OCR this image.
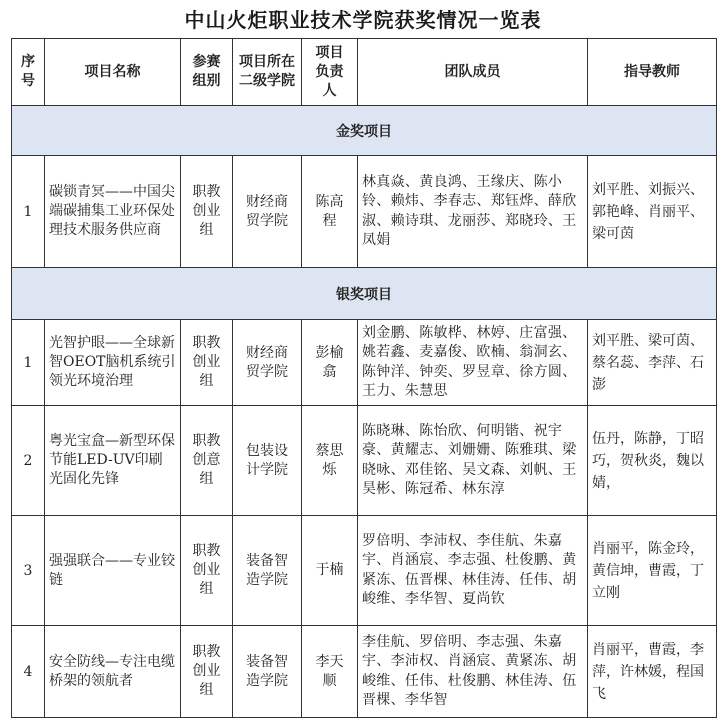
中山火炬职业技术学院获奖情况一览表
序号	项目名称	参赛组别	项目所在二级学院	项目负责人	团队成员	指导教师
金奖项目						
1	碳锁青冥——中国尖端碳捕集工业环保处理技术服务供应商	职教创业组	财经商贸学院	陈高程	林真焱、黄良鸿、王缘庆、陈小铃、赖炜、李春志、郑钰烨、薛欣淑、赖诗琪、龙丽莎、郑晓玲、王凤娟	刘平胜、刘振兴、郭艳峰、肖丽平、梁可茵
银奖项目						
1	光智护眼——全球新智OEOT脑机系统引领光环境治理	职教创业组	财经商贸学院	彭榆翕	刘金鹏、陈敏桦、林婷、庄富强、姚若鑫、麦嘉俊、欧楠、翁洞玄、陈钟洋、钟奕、罗昱章、徐方圆、王力、朱慧思	刘平胜、梁可茵、蔡名蕊、李萍、石澎
2	粤光宝盒—新型环保节能LED-UV印刷光固化先锋	职教创意组	包装设计学院	蔡思烁	陈晓琳、陈怡欣、何明锴、祝宇豪、黄耀志、刘姗姗、陈雅琪、梁晓咏、邓佳铭、吴文森、刘帆、王昊彬、陈冠希、林东淳	伍丹，陈静，丁昭巧，贺秋炎，魏以婧，
3	强强联合——专业铰链	职教创业组	装备智造学院	于楠	罗倍明、李沛权、李佳航、朱嘉宇、肖涵宸、李志强、杜俊鹏、黄紧冻、伍晋棵、林佳涛、任伟、胡峻维、李华智、夏尚钦	肖丽平，陈金玲，黄信坤，曹霞，丁立刚
4	安全防线—专注电缆桥架的领航者	职教创业组	装备智造学院	李天顺	李佳航、罗倍明、李志强、朱嘉宇、李沛权、肖涵宸、黄紧冻、胡峻维、任伟、杜俊鹏、林佳涛、伍晋棵、李华智	肖丽平，曹霞，李萍，许林媛，程国飞
